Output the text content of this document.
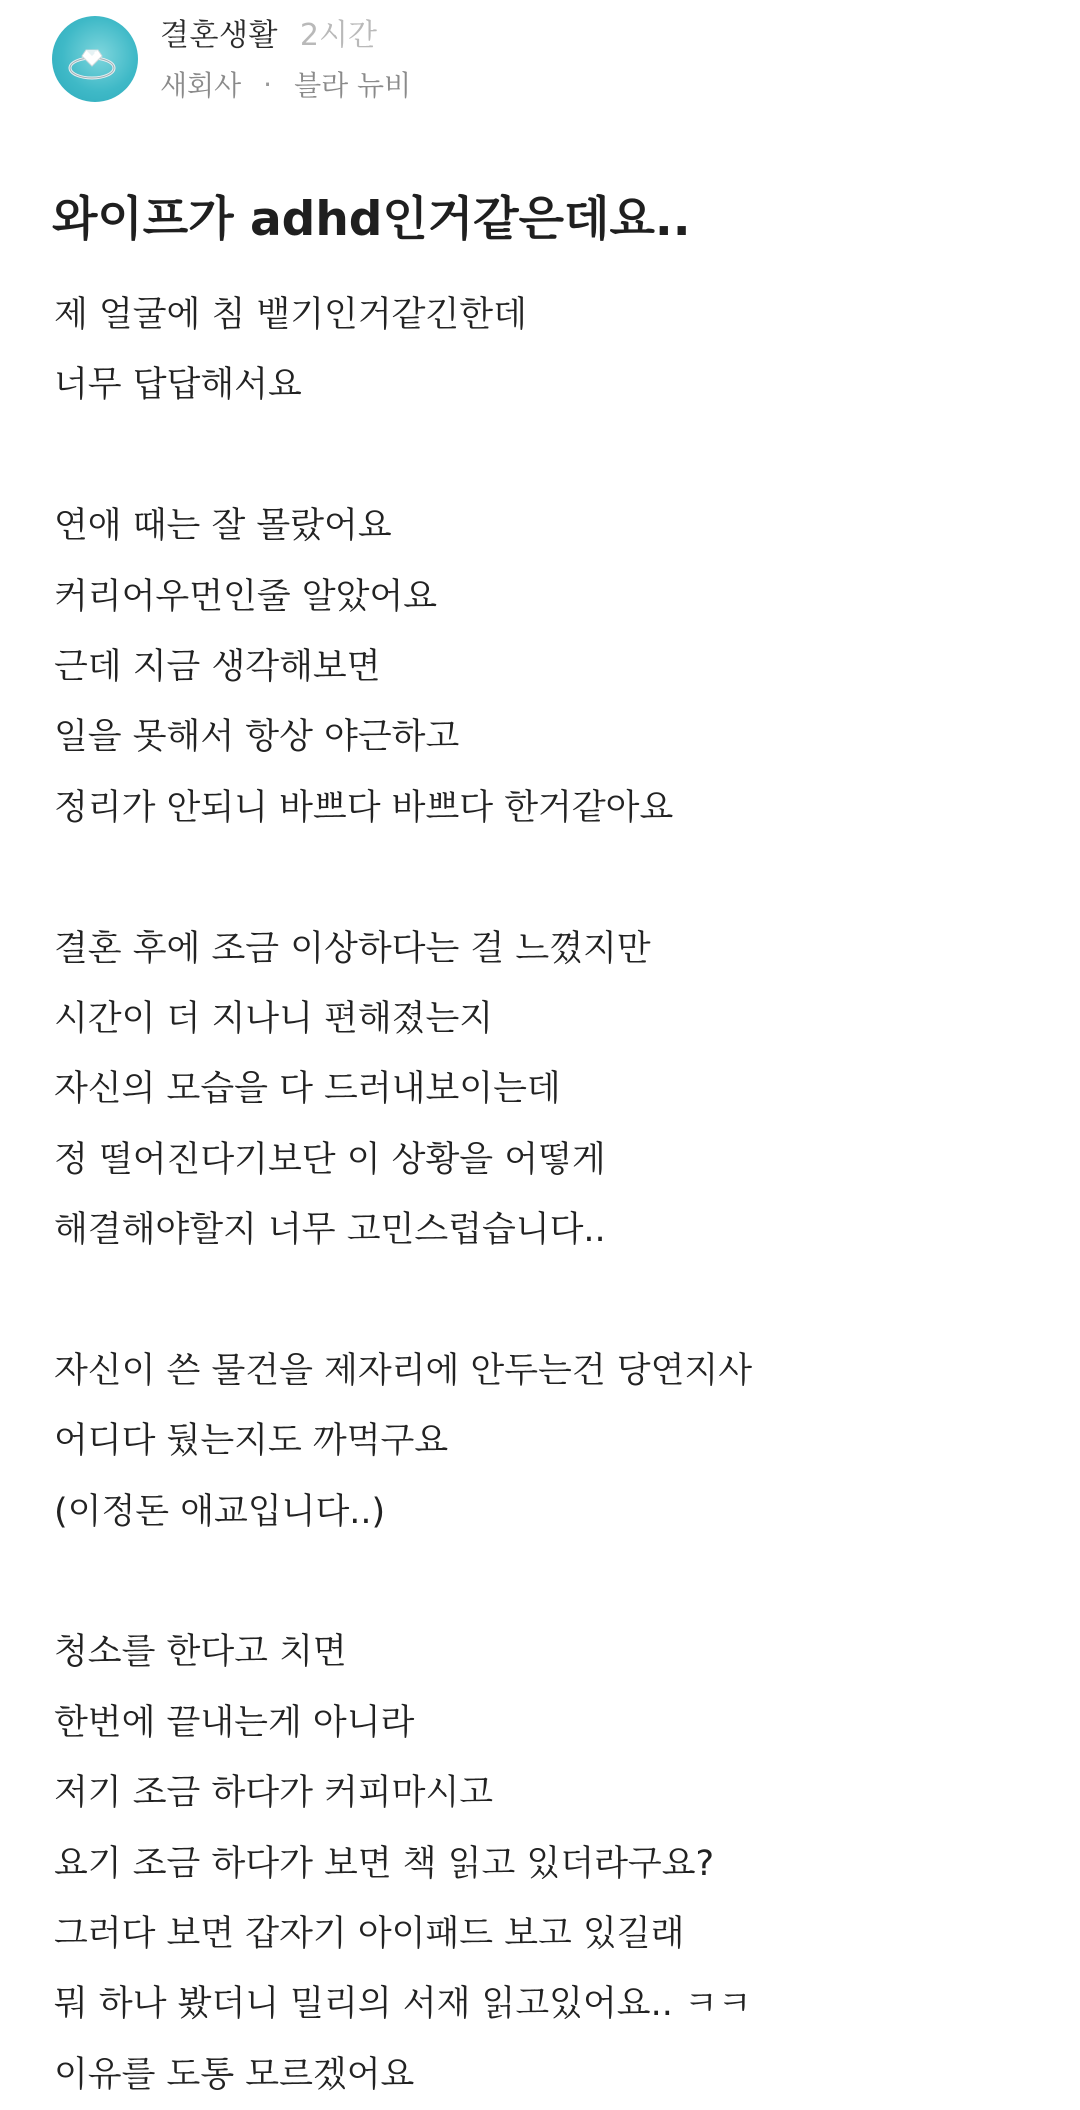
결혼생활 2시간
새회사 · 블라 뉴비
와이프가 adhd인거같은데요..
제 얼굴에 침 뱉기인거같긴한데
너무 답답해서요
연애 때는 잘 몰랐어요
커리어우먼인줄 알았어요
근데 지금 생각해보면
일을 못해서 항상 야근하고
정리가 안되니 바쁘다 바쁘다 한거같아요
결혼 후에 조금 이상하다는 걸 느꼈지만
시간이 더 지나니 편해졌는지
자신의 모습을 다 드러내보이는데
정 떨어진다기보단 이 상황을 어떻게
해결해야할지 너무 고민스럽습니다..
자신이 쓴 물건을 제자리에 안두는건 당연지사
어디다 뒀는지도 까먹구요
(이정돈 애교입니다..)
청소를 한다고 치면
한번에 끝내는게 아니라
저기 조금 하다가 커피마시고
요기 조금 하다가 보면 책 읽고 있더라구요?
그러다 보면 갑자기 아이패드 보고 있길래
뭐 하나 봤더니 밀리의 서재 읽고있어요.. ㅋㅋ
이유를 도통 모르겠어요
